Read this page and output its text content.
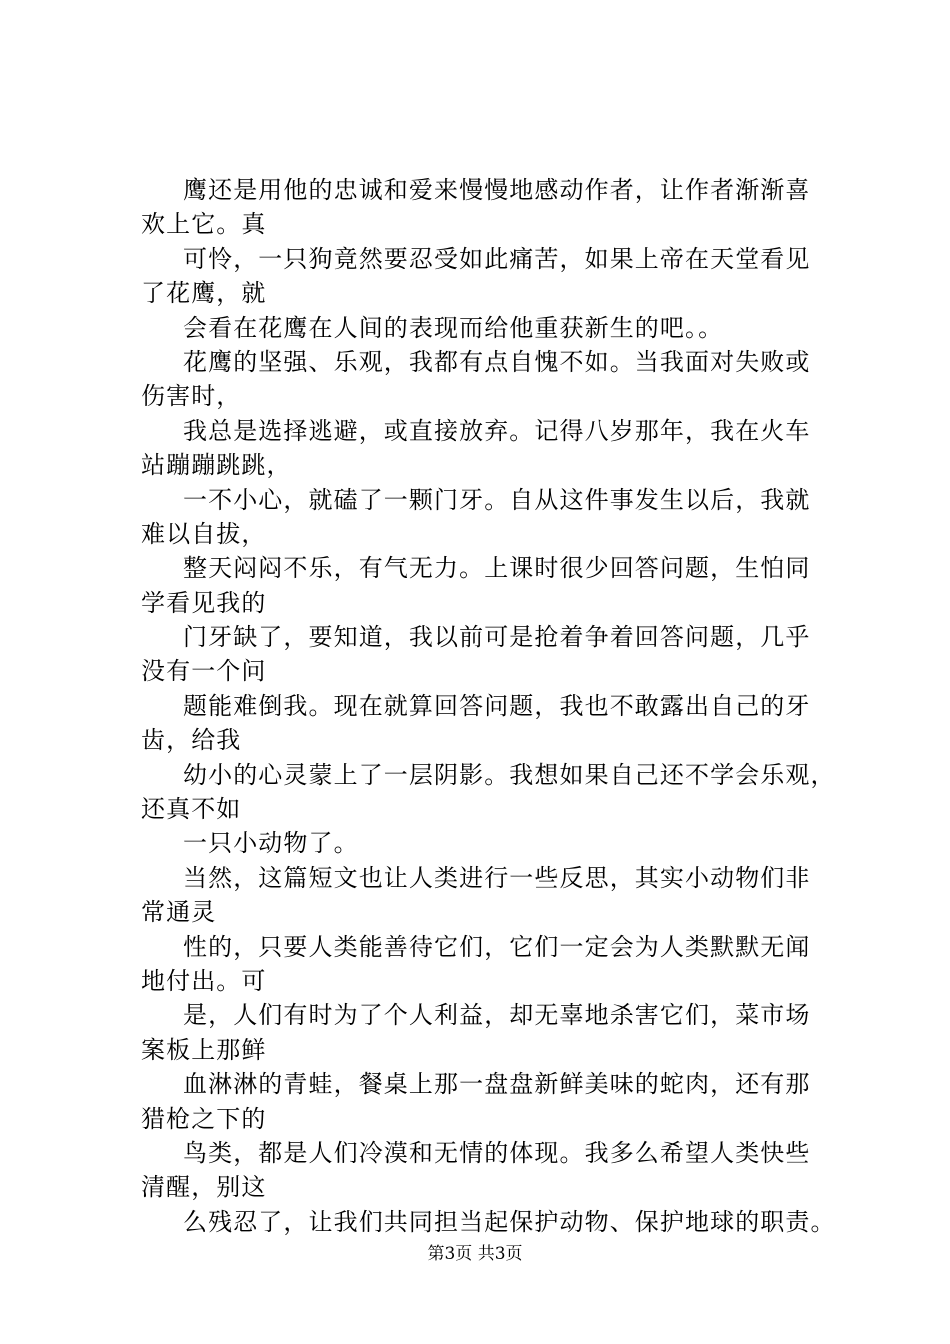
鹰还是用他的忠诚和爱来慢慢地感动作者，让作者渐渐喜
欢上它。真
可怜，一只狗竟然要忍受如此痛苦，如果上帝在天堂看见
了花鹰，就
会看在花鹰在人间的表现而给他重获新生的吧。。
花鹰的坚强、乐观，我都有点自愧不如。当我面对失败或
伤害时，
我总是选择逃避，或直接放弃。记得八岁那年，我在火车
站蹦蹦跳跳，
一不小心，就磕了一颗门牙。自从这件事发生以后，我就
难以自拔，
整天闷闷不乐，有气无力。上课时很少回答问题，生怕同
学看见我的
门牙缺了，要知道，我以前可是抢着争着回答问题，几乎
没有一个问
题能难倒我。现在就算回答问题，我也不敢露出自己的牙
齿，给我
幼小的心灵蒙上了一层阴影。我想如果自己还不学会乐观，
还真不如
一只小动物了。
当然，这篇短文也让人类进行一些反思，其实小动物们非
常通灵
性的，只要人类能善待它们，它们一定会为人类默默无闻
地付出。可
是，人们有时为了个人利益，却无辜地杀害它们，菜市场
案板上那鲜
血淋淋的青蛙，餐桌上那一盘盘新鲜美味的蛇肉，还有那
猎枪之下的
鸟类，都是人们冷漠和无情的体现。我多么希望人类快些
清醒，别这
么残忍了，让我们共同担当起保护动物、保护地球的职责。
第3页 共3页
